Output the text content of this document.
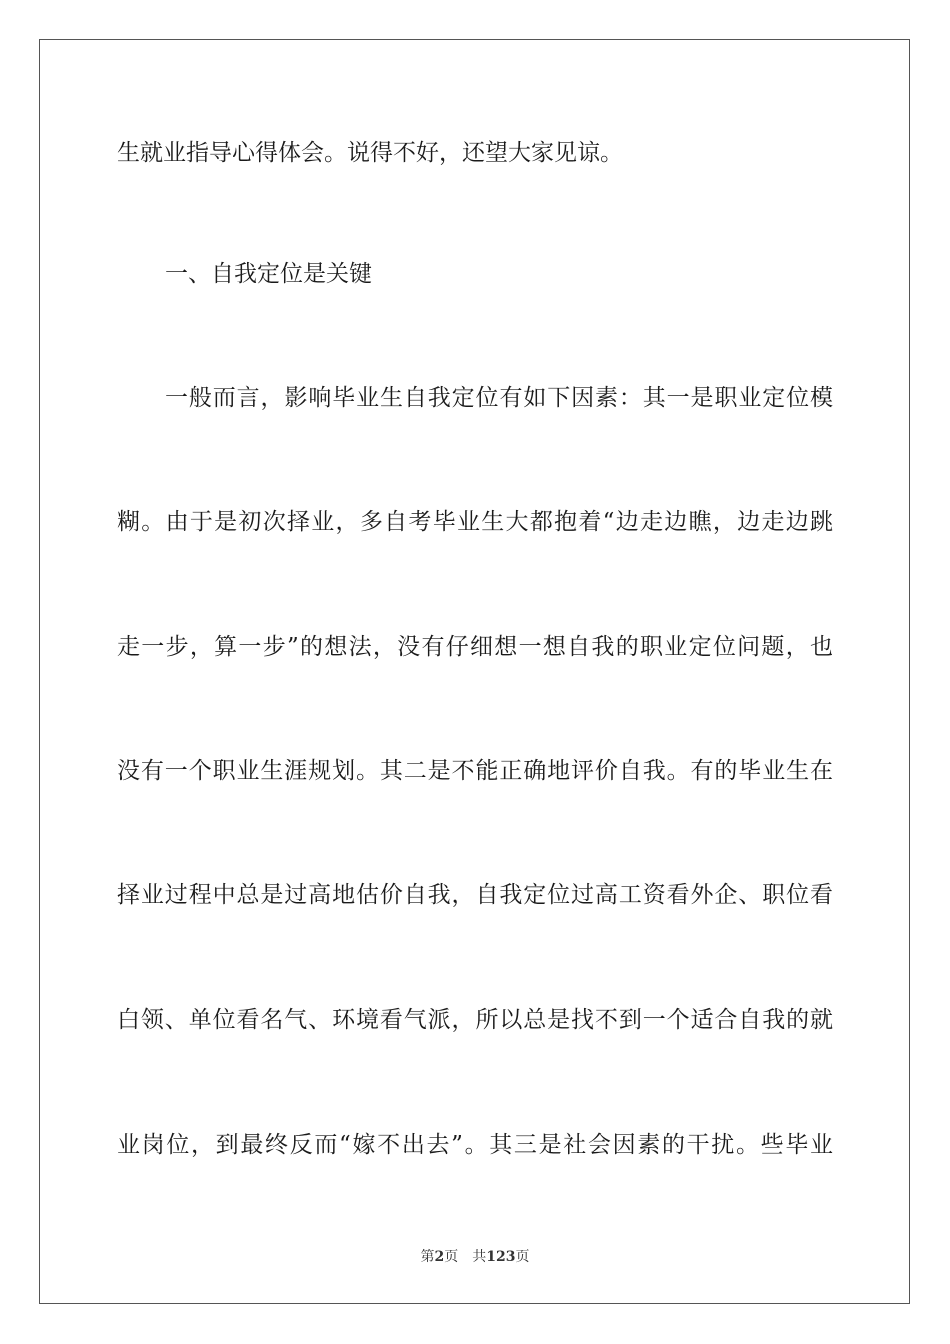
生就业指导心得体会。说得不好，还望大家见谅。
一、自我定位是关键
一般而言，影响毕业生自我定位有如下因素：其一是职业定位模
糊。由于是初次择业，多自考毕业生大都抱着“边走边瞧，边走边跳
走一步，算一步”的想法，没有仔细想一想自我的职业定位问题，也
没有一个职业生涯规划。其二是不能正确地评价自我。有的毕业生在
择业过程中总是过高地估价自我，自我定位过高工资看外企、职位看
白领、单位看名气、环境看气派，所以总是找不到一个适合自我的就
业岗位，到最终反而“嫁不出去”。其三是社会因素的干扰。些毕业
第2页 共123页
